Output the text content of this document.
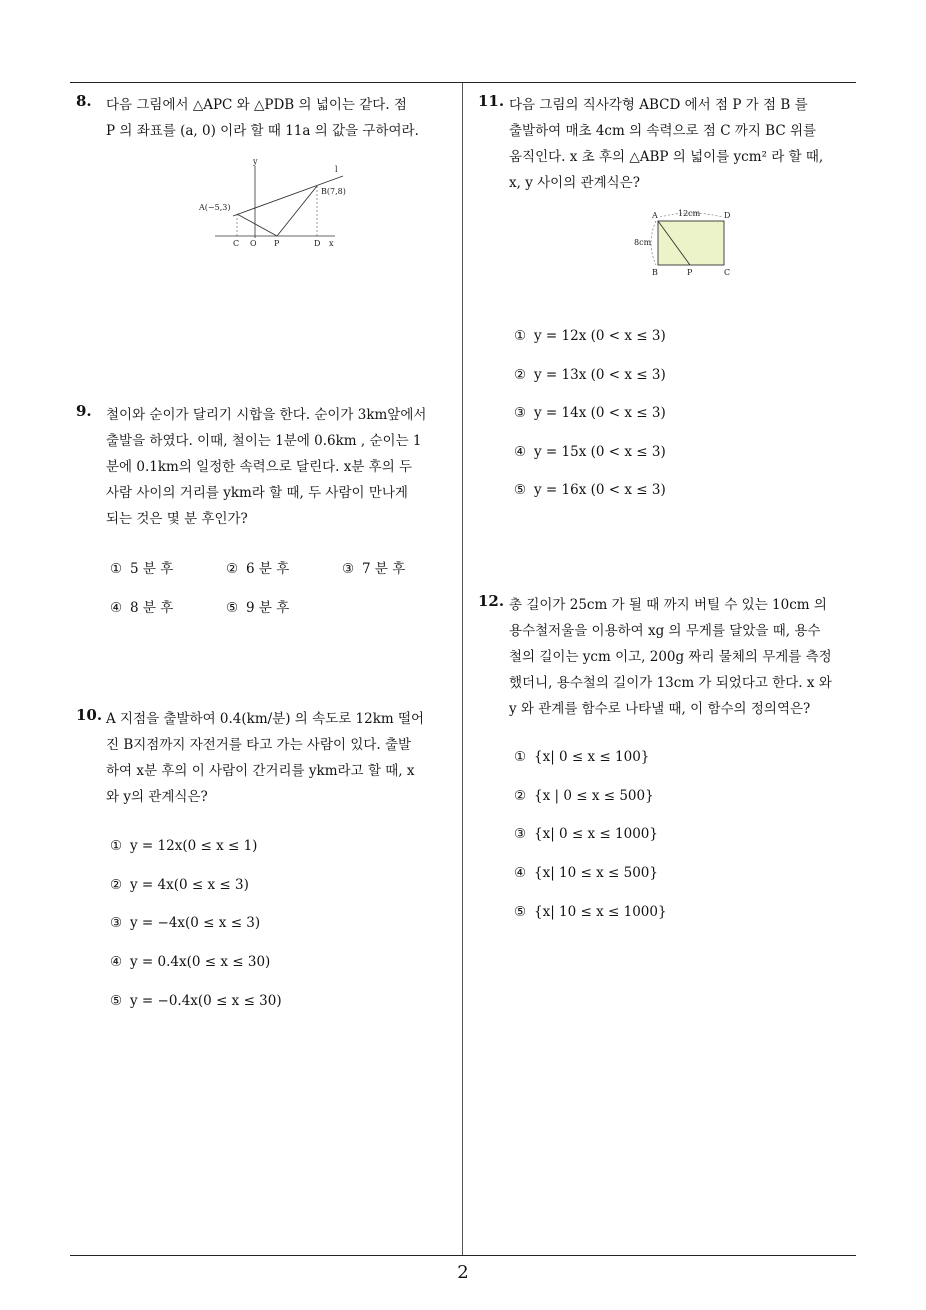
8. 다음 그림에서 △APC 와 △PDB 의 넓이는 같다. 점

P 의 좌표를 (a, 0) 이라 할 때 11a 의 값을 구하여라.

y
x
A(−5,3)
B(7,8)
l
C O P	D
9. 철이와 순이가 달리기 시합을 한다. 순이가 3km앞에서

출발을 하였다. 이때, 철이는 1분에 0.6km , 순이는 1

분에 0.1km의 일정한 속력으로 달린다. x분 후의 두

사람 사이의 거리를 ykm라 할 때, 두 사람이 만나게

되는 것은 몇 분 후인가?

① 5 분 후	② 6 분 후	③ 7 분 후
④ 8 분 후	⑤ 9 분 후
10. A 지점을 출발하여 0.4(km/분) 의 속도로 12km 떨어

진 B지점까지 자전거를 타고 가는 사람이 있다. 출발

하여 x분 후의 이 사람이 간거리를 ykm라고 할 때, x

와 y의 관계식은?

① y = 12x(0 ≤ x ≤ 1)
② y = 4x(0 ≤ x ≤ 3)
③ y = −4x(0 ≤ x ≤ 3)
④ y = 0.4x(0 ≤ x ≤ 30)
⑤ y = −0.4x(0 ≤ x ≤ 30)
11. 다음 그림의 직사각형 ABCD 에서 점 P 가 점 B 를

출발하여 매초 4cm 의 속력으로 점 C 까지 BC 위를

움직인다. x 초 후의 △ABP 의 넓이를 ycm² 라 할 때,

x, y 사이의 관계식은?

A	D
B	P	C
12cm
8cm
① y = 12x (0 < x ≤ 3)
② y = 13x (0 < x ≤ 3)
③ y = 14x (0 < x ≤ 3)
④ y = 15x (0 < x ≤ 3)
⑤ y = 16x (0 < x ≤ 3)
12. 총 길이가 25cm 가 될 때 까지 버틸 수 있는 10cm 의

용수철저울을 이용하여 xg 의 무게를 달았을 때, 용수

철의 길이는 ycm 이고, 200g 짜리 물체의 무게를 측정

했더니, 용수철의 길이가 13cm 가 되었다고 한다. x 와

y 와 관계를 함수로 나타낼 때, 이 함수의 정의역은?

① {x| 0 ≤ x ≤ 100}
② {x | 0 ≤ x ≤ 500}
③ {x| 0 ≤ x ≤ 1000}
④ {x| 10 ≤ x ≤ 500}
⑤ {x| 10 ≤ x ≤ 1000}
2
